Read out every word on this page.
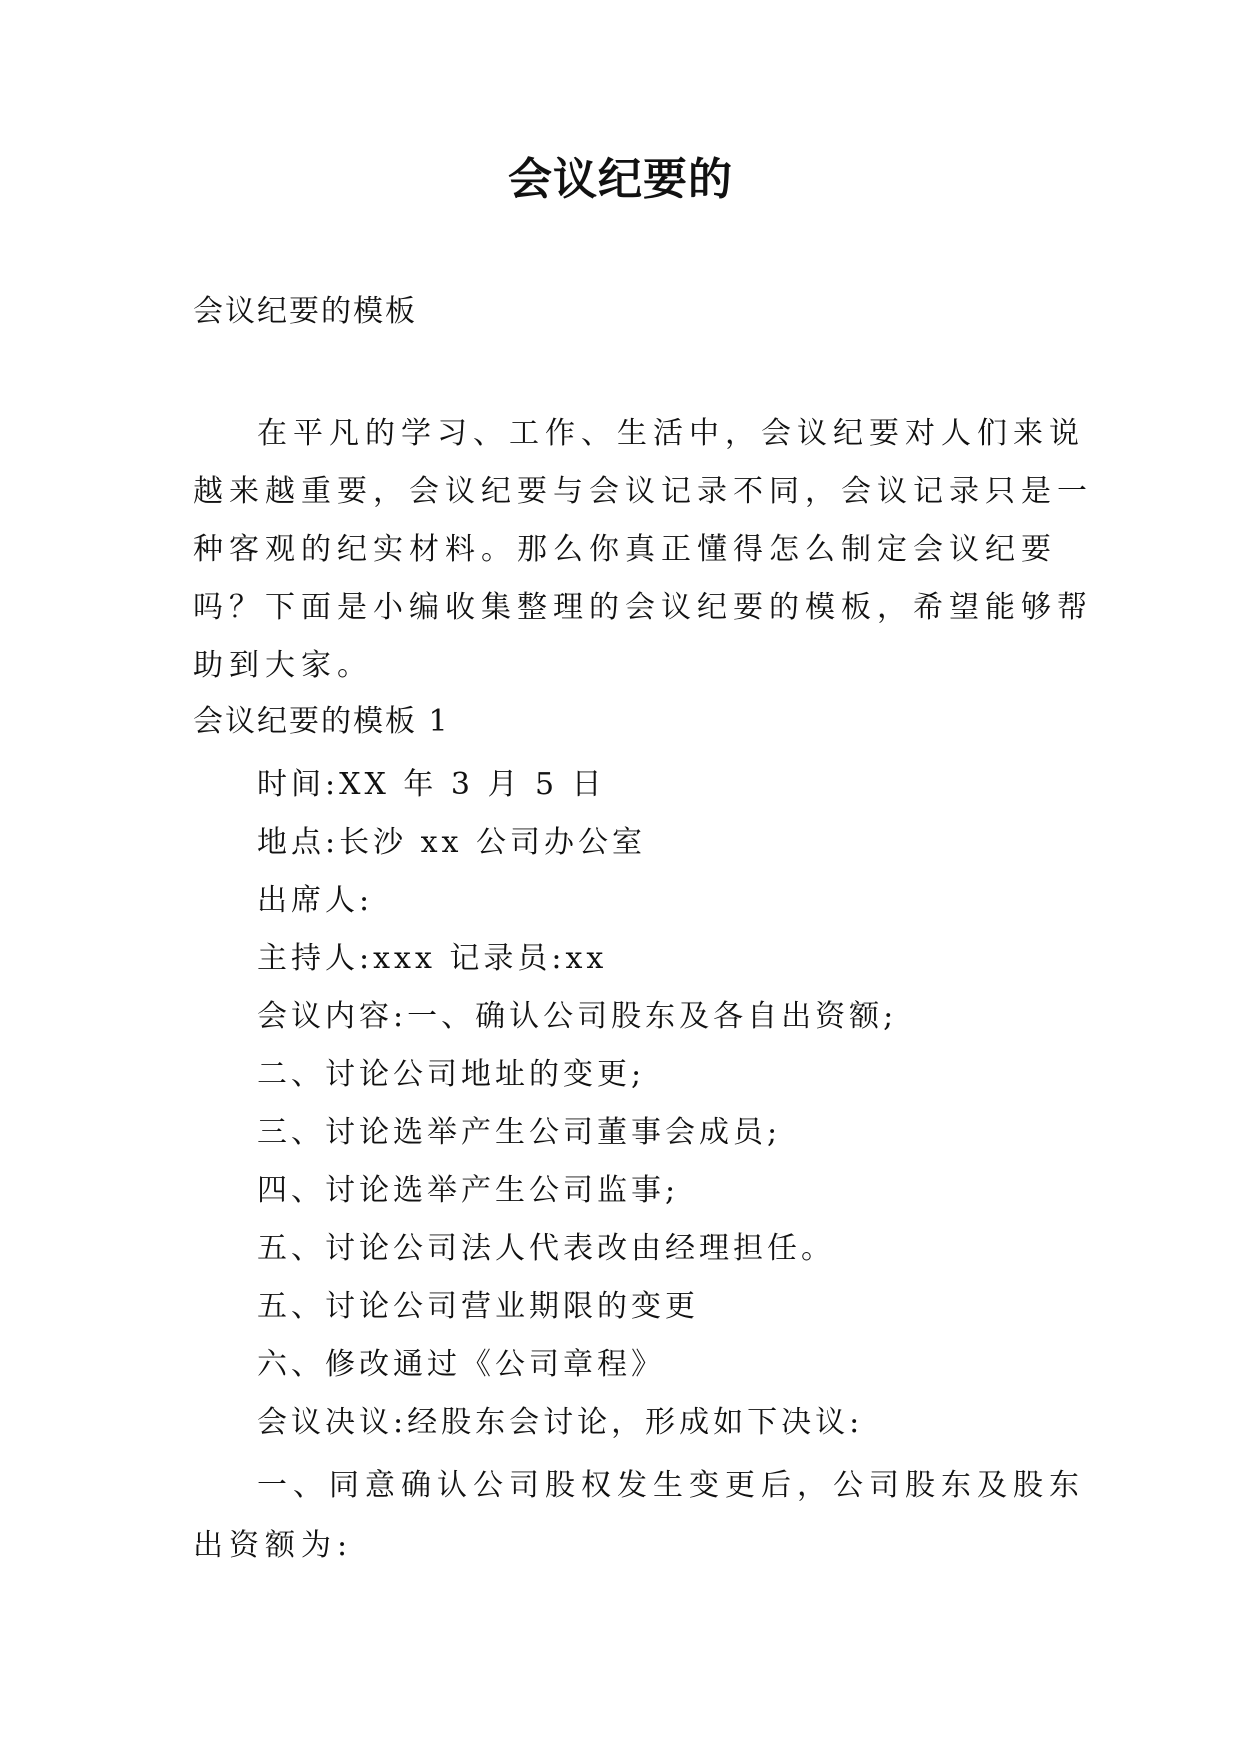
会议纪要的
会议纪要的模板

在平凡的学习、工作、生活中，会议纪要对人们来说越来越重要，会议纪要与会议记录不同，会议记录只是一种客观的纪实材料。那么你真正懂得怎么制定会议纪要吗？下面是小编收集整理的会议纪要的模板，希望能够帮助到大家。

会议纪要的模板 1
时间:XX 年 3 月 5 日
地点:长沙 xx 公司办公室
出席人:
主持人:xxx 记录员:xx
会议内容:一、确认公司股东及各自出资额;
二、讨论公司地址的变更;
三、讨论选举产生公司董事会成员;
四、讨论选举产生公司监事;
五、讨论公司法人代表改由经理担任。
五、讨论公司营业期限的变更
六、修改通过《公司章程》
会议决议:经股东会讨论，形成如下决议:

一、同意确认公司股权发生变更后，公司股东及股东出资额为:
